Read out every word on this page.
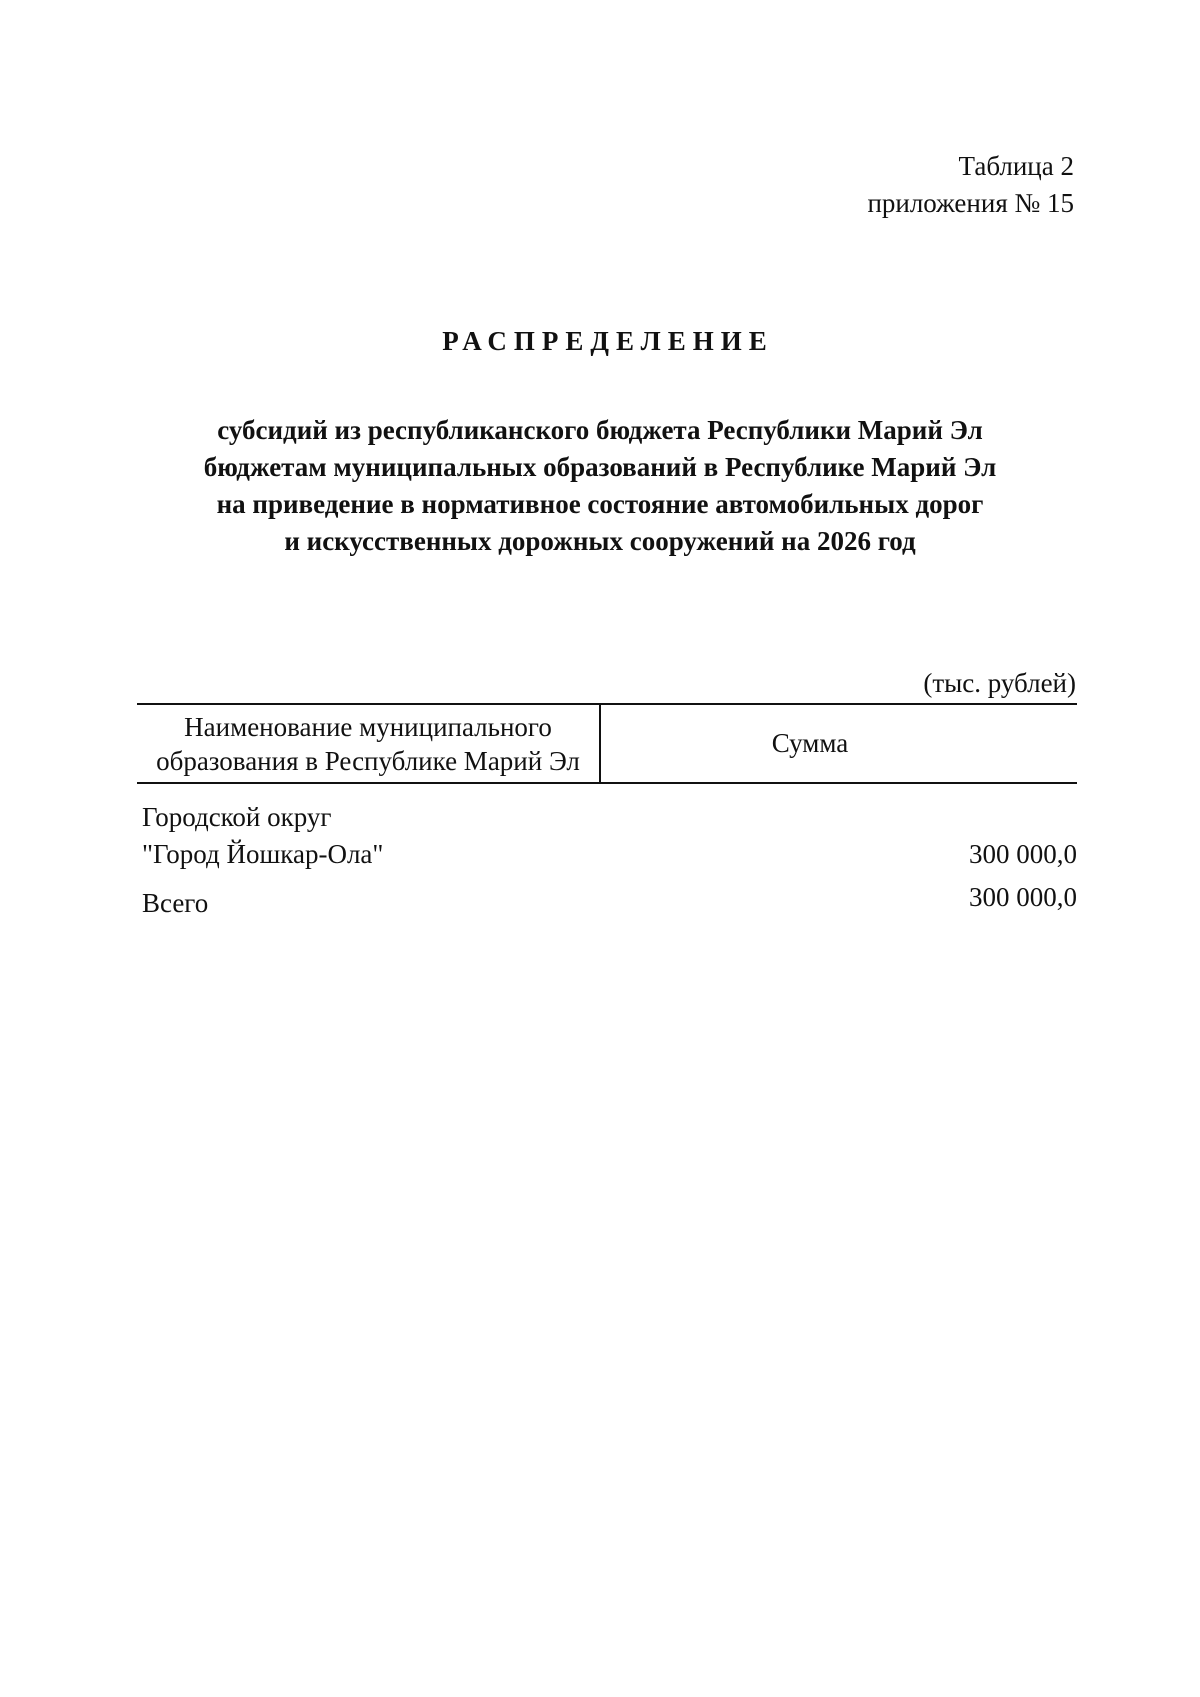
Таблица 2
приложения № 15
РАСПРЕДЕЛЕНИЕ
субсидий из республиканского бюджета Республики Марий Эл
бюджетам муниципальных образований в Республике Марий Эл
на приведение в нормативное состояние автомобильных дорог
и искусственных дорожных сооружений на 2026 год
(тыс. рублей)
Наименование муниципального
образования в Республике Марий Эл
Сумма
Городской округ
"Город Йошкар-Ола"	300 000,0
Всего	300 000,0
